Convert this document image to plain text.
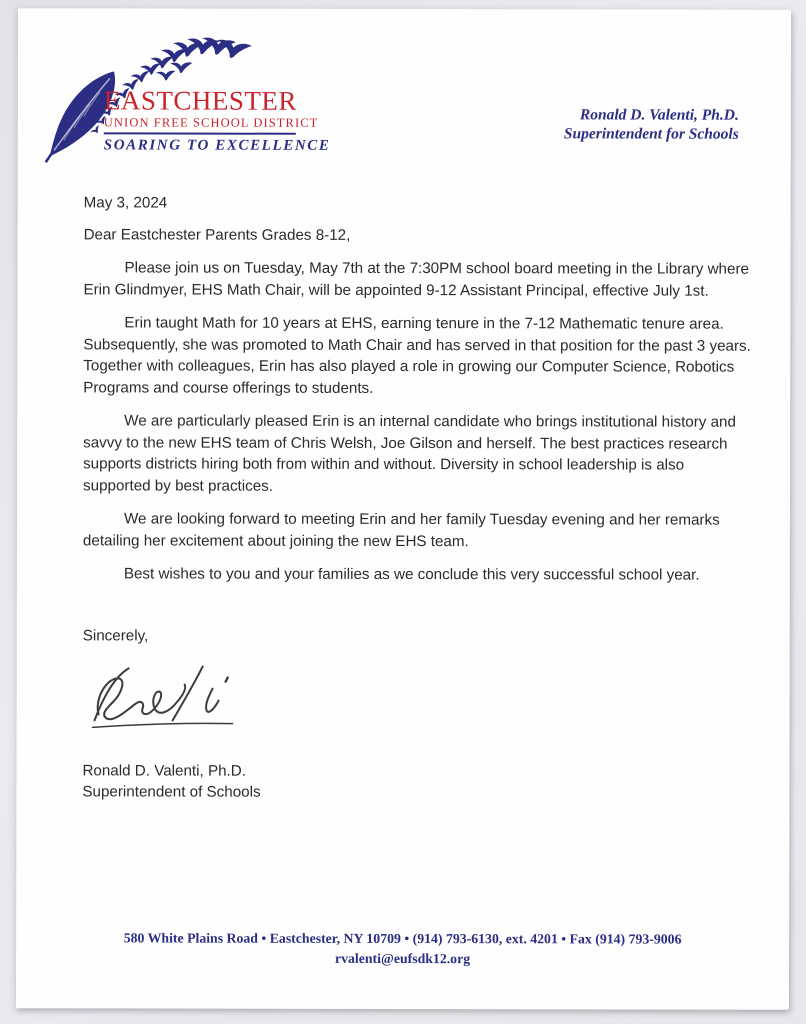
EASTCHESTER
UNION FREE SCHOOL DISTRICT
SOARING TO EXCELLENCE
Ronald D. Valenti, Ph.D.
Superintendent for Schools
May 3, 2024
Dear Eastchester Parents Grades 8-12,

Please join us on Tuesday, May 7th at the 7:30PM school board meeting in the Library where Erin Glindmyer, EHS Math Chair, will be appointed 9-12 Assistant Principal, effective July 1st.

Erin taught Math for 10 years at EHS, earning tenure in the 7-12 Mathematic tenure area. Subsequently, she was promoted to Math Chair and has served in that position for the past 3 years. Together with colleagues, Erin has also played a role in growing our Computer Science, Robotics Programs and course offerings to students.

We are particularly pleased Erin is an internal candidate who brings institutional history and savvy to the new EHS team of Chris Welsh, Joe Gilson and herself. The best practices research supports districts hiring both from within and without. Diversity in school leadership is also supported by best practices.

We are looking forward to meeting Erin and her family Tuesday evening and her remarks detailing her excitement about joining the new EHS team.

Best wishes to you and your families as we conclude this very successful school year.

Sincerely,
Ronald D. Valenti, Ph.D.
Superintendent of Schools
580 White Plains Road • Eastchester, NY 10709 • (914) 793-6130, ext. 4201 • Fax (914) 793-9006
rvalenti@eufsdk12.org
